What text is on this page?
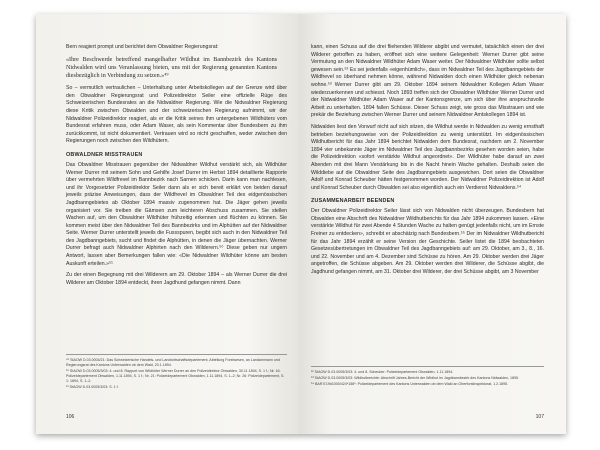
Bern reagiert prompt und berichtet dem Obwaldner Regierungsrat:

«Ihre Beschwerde betreffend mangelhafter Wildhut im Bannbezirk des Kantons Nidwalden wird uns Veranlassung bieten, uns mit der Regierung genannten Kantons diesbezüglich in Verbindung zu setzen.»⁴⁹

So – vermutlich vertraulichen – Unterhaltung unter Arbeitskollegen auf der Grenze wird über den Obwaldner Regierungsrat und Polizeidirektor Seiler eine offizielle Rüge des Schweizerischen Bundesrates an die Nidwaldner Regierung. Wie die Nidwaldner Regierung diese Kritik zwischen Obwalden und der schweizerischen Regierung aufnimmt, wir der Nidwaldner Polizeidirektor reagiert, als er die Kritik seines ihm untergebenen Wildhüters vom Bundesrat erfahren muss, oder Adam Waser, als sein Kommentar über Bundesbern zu ihm zurückkommt, ist nicht dokumentiert. Vertrauen wird so nicht geschaffen, weder zwischen den Regierungen noch zwischen den Wildhütern.

OBWALDNER MISSTRAUEN

Das Obwaldner Misstrauen gegenüber der Nidwaldner Wildhut verstärkt sich, als Wildhüter Werner Durrer mit seinem Sohn und Gehilfe Josef Durrer im Herbst 1894 detaillierte Rapporte über vermehrten Wildfrevel im Bannbezirk nach Sarnen schicken. Darin kann man nachlesen, und ihr Vorgesetzter Polizeidirektor Seiler dann als er sich bereit erklärt von beiden darauf jeweils präzise Anweisungen, dass der Wildfrevel im Obwaldner Teil des eidgenössischen Jagdbanngebietes ab Oktober 1894 massiv zugenommen hat. Die Jäger gehen jeweils organisiert vor. Sie treiben die Gämsen zum leichteren Abschuss zusammen. Sie stellen Wachen auf, um den Obwaldner Wildhüter frühzeitig erkennen und flüchten zu können. Sie kommen meist über den Nidwaldner Teil des Bannbezirks und im Alphütten auf der Nidwaldner Seite. Werner Durrer unterstellt jeweils die Fussspuren, begibt sich auch in den Nidwaldner Teil des Jagdbanngebiets, sucht und findet die Alphütten, in denen die Jäger übernachten. Werner Durrer befragt auch Nidwaldner Alphirten nach den Wilderern.⁵⁰ Diese geben nur ungern Antwort, lassen aber Bemerkungen fallen wie: «Die Nidwaldner Wildhüter könne am besten Auskunft erteilen.»⁵¹

Zu der einen Begegnung mit drei Wilderern am 29. Oktober 1894 – als Werner Durrer die drei Wilderer am Oktober 1894 entdeckt, ihren Jagdhund gefangen nimmt. Dann

⁴⁹ StAOW D.03.0004/21: Das Schweizerische Handels- und Landwirtschaftsdepartement, Abteilung Forstwesen, an Landammann und Regierungsrat des Kantons Unterwalden ob dem Wald, 20.1.1894.

⁵⁰ StAOW D.03.0005/3/03: 4. und 8. Rapport von Wildhüter Werner Durrer an den Polizeidirektor Obwalden, 30.11.1894, S. 1 f.; Nr. 16: Polizeidepartement Obwalden, 1.11.1894, S. 1 f.; Nr. 21: Polizeidepartement Obwalden, 1.11.1894, S. 1–2; Nr. 26: Polizeidepartement, S. 1: 1894, S. 1–2.

⁵¹ StAOW D.03.0005/3/03: S. 1 f.

106

kann, einen Schuss auf die drei fliehenden Wilderer abgibt und vermutet, tatsächlich einen der drei Wilderer getroffen zu haben, eröffnet sich eine weitere Gelegenheit: Werner Durrer gibt seine Vermutung an den Nidwaldner Wildhüter Adam Waser weiter. Der Nidwaldner Wildhüter sollte selbst gewesen sein.⁵² Es sei jedenfalls «eigenhümlich», dass im Nidwaldner Teil des Jagdbanngebiets der Wildfrevel so überhand nehmen könne, während Nidwalden doch einen Wildhüter gleich nebenan wohne.⁵³ Werner Durrer gibt am 29. Oktober 1894 seinem Nidwaldner Kollegen Adam Waser wiederzuerkennen und schiesst. Noch 1893 treffen sich der Obwaldner Wildhüter Werner Durrer und der Nidwaldner Wildhüter Adam Waser auf der Kantonsgrenze, um sich über ihre anspruchsvolle Arbeit zu unterhalten. 1894 fallen Schüsse. Dieser Schuss zeigt, wie gross das Misstrauen und wie prekär die Beziehung zwischen Werner Durrer und seinem Nidwaldner Amtskollegen 1894 ist.

Nidwalden liest den Vorwurf nicht auf sich sitzen, die Wildhut werde in Nidwalden zu wenig ernsthaft betrieben beziehungsweise von der Polizeidirektion zu wenig unterstützt. Im eidgenössischen Wildhutbericht für das Jahr 1894 berichtet Nidwalden dem Bundesrat, nachdem am 2. November 1894 vier unbekannte Jäger im Nidwaldner Teil des Jagdbannbezirks gesehen worden seien, habe die Polizeidirektion «sofort verstärkte Wildhut angeordnet». Der Wildhüter habe darauf an zwei Abenden mit drei Mann Verstärkung bis in die Nacht hinein Wache gehalten. Deshalb seien die Wilddiebe auf die Obwaldner Seite des Jagdbanngebiets ausgewichen. Dort seien die Obwaldner Adolf und Konrad Scheuber hätten festgenommen worden. Der Nidwaldner Polizeidirektion ist Adolf und Konrad Scheuber durch Obwalden sei also eigentlich auch ein Verdienst Nidwaldens.⁵⁴

ZUSAMMENARBEIT BEENDEN

Der Obwaldner Polizeidirektor Seiler lässt sich von Nidwalden nicht überzeugen. Bundesbern hat Obwalden eine Abschrift des Nidwaldner Wildhutberichts für das Jahr 1894 zukommen lassen. «Eine verstärkte Wildhut für zwei Abende 4 Stunden Wache zu halten genügt jedenfalls nicht, um im Ernste Freiner zu entdecken», schreibt er abschätzig nach Bundesbern.⁵⁵ Der im Nidwaldner Wildhutbericht für das Jahr 1894 erzählt er seine Version der Geschichte. Seiler listet die 1894 beobachteten Gesetzesübertretungen im Obwaldner Teil des Jagdbanngebiets auf: am 29. Oktober, am 3., 8., 16. und 22. November und am 4. Dezember sind Schüsse zu hören. Am 29. Oktober werden drei Jäger angetroffen, die Schüsse abgeben. Am 29. Oktober werden drei Wilderer, die Schüsse abgibt, die Jagdhund gefangen nimmt, am 31. Oktober drei Wilderer, der drei Schüsse abgibt, am 3 November

⁵² StAOW D.03.0005/3/03: 4. und 8. Scheuber: Polizeidepartement Obwalden, 1.11.1894.

⁵³ StAOW D.03.0005/3/03: Wildhutberichte: Abschrift Jahres-Bericht der Wildhut im Jagdbannbezirk des Kantons Nidwalden, 1895.

⁵⁴ BAR E19#1000/424*158*: Polizeidepartement des Kantons Unterwalden ob dem Wald an Oberforstinspektorat, 1.2.1895.

107
